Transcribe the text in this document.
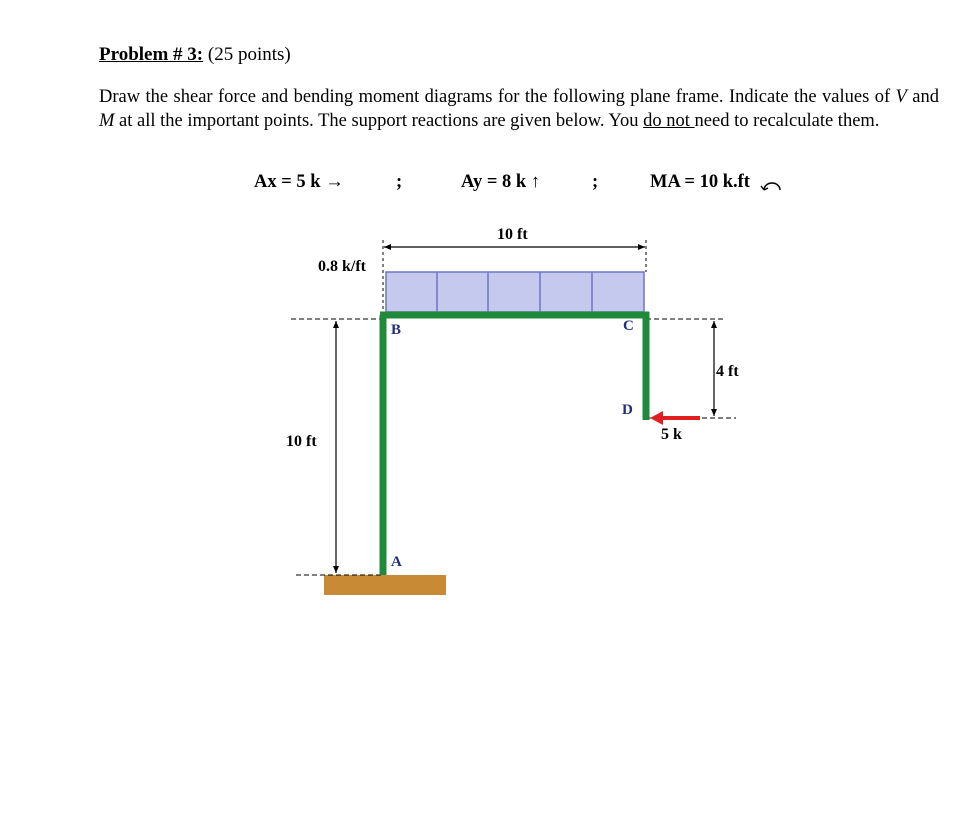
Problem # 3: (25 points)
Draw the shear force and bending moment diagrams for the following plane frame. Indicate the values of V and M at all the important points. The support reactions are given below. You do not need to recalculate them.
Ax = 5 k →	;	Ay = 8 k ↑	;	MA = 10 k.ft
0.8 k/ft
10 ft
10 ft
4 ft
5 k
B	C
D
A
